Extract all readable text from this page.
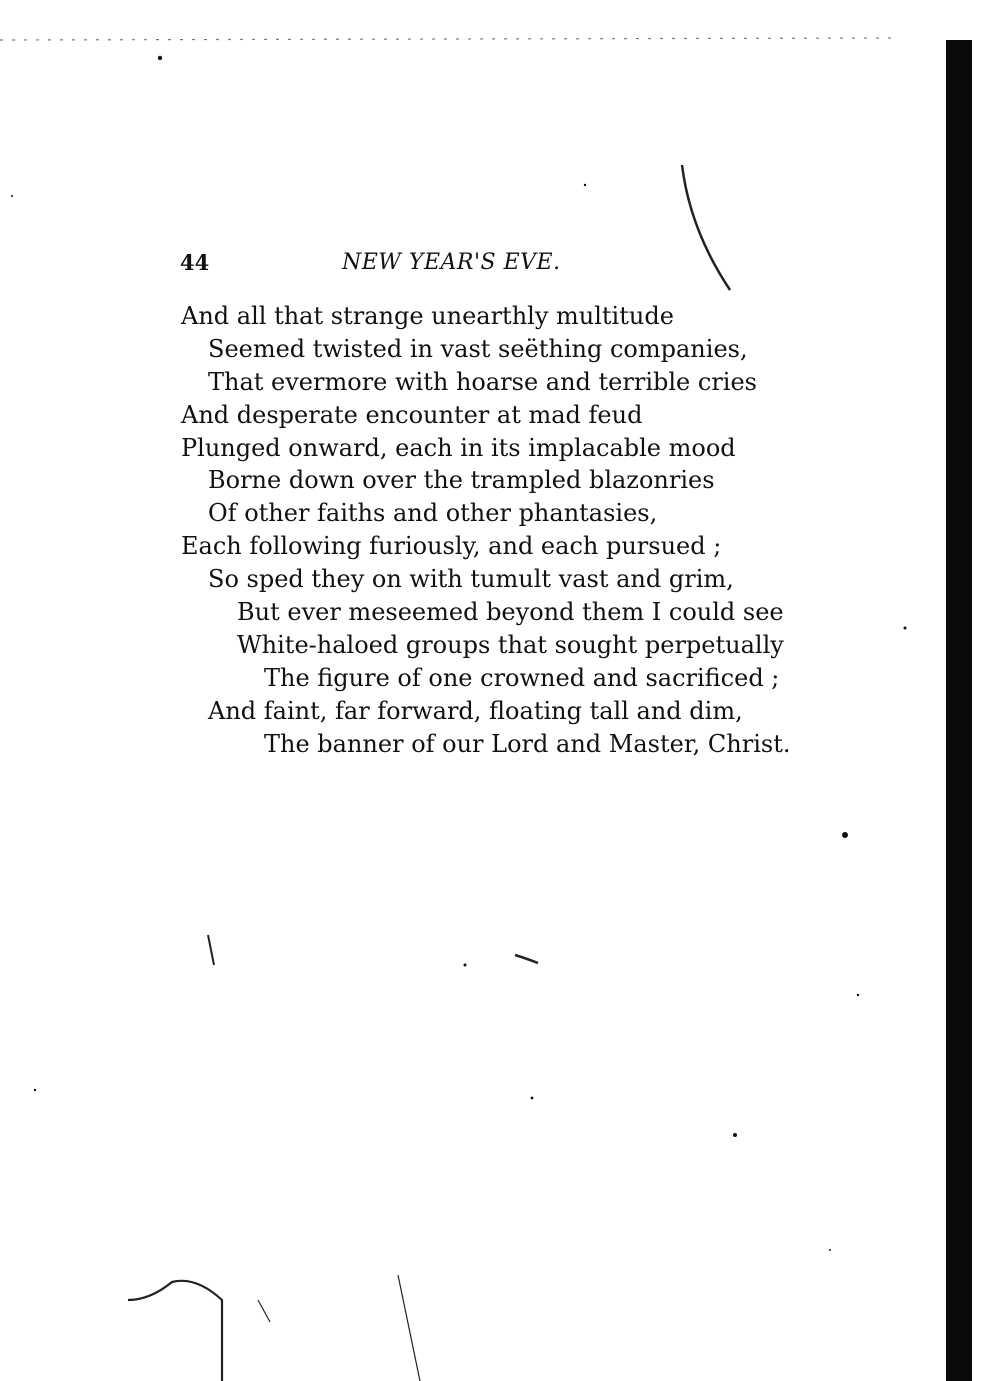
44	NEW YEAR'S EVE.
And all that strange unearthly multitude
Seemed twisted in vast seëthing companies,
That evermore with hoarse and terrible cries
And desperate encounter at mad feud
Plunged onward, each in its implacable mood
Borne down over the trampled blazonries
Of other faiths and other phantasies,
Each following furiously, and each pursued ;
So sped they on with tumult vast and grim,
But ever meseemed beyond them I could see
White-haloed groups that sought perpetually
The figure of one crowned and sacrificed ;
And faint, far forward, floating tall and dim,
The banner of our Lord and Master, Christ.
